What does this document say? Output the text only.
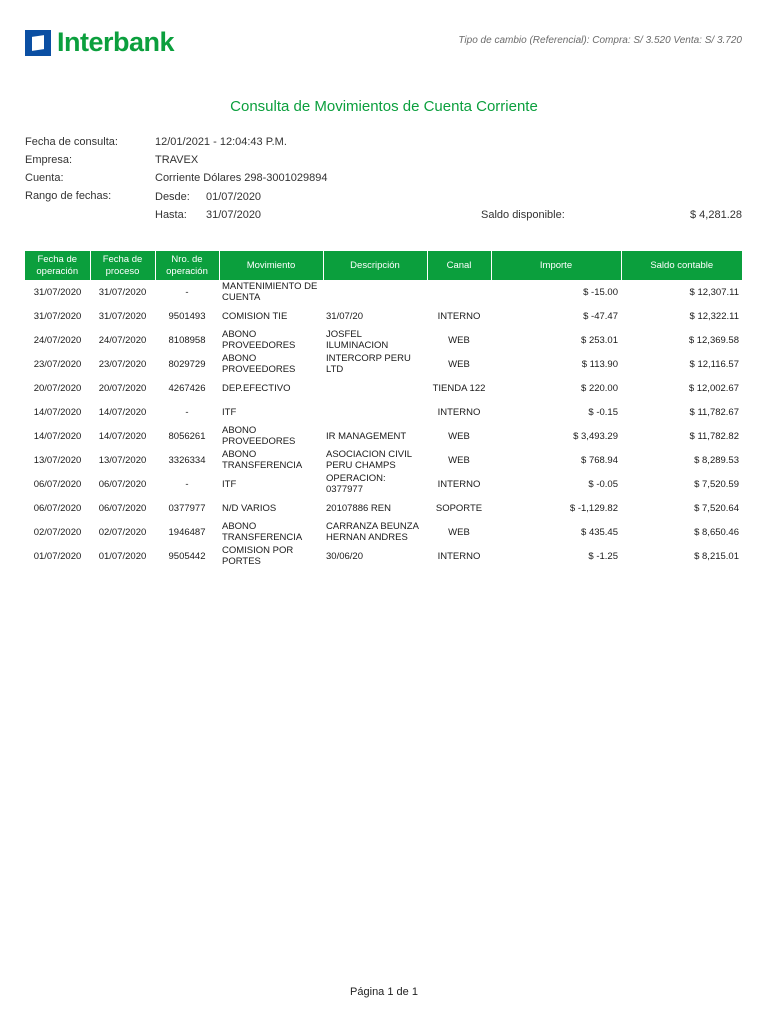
Interbank	Tipo de cambio (Referencial): Compra: S/ 3.520 Venta: S/ 3.720
Consulta de Movimientos de Cuenta Corriente
Fecha de consulta:	12/01/2021 - 12:04:43 P.M.
Empresa:	TRAVEX
Cuenta:	Corriente Dólares 298-3001029894
Rango de fechas:	Desde: 01/07/2020
Hasta: 31/07/2020	Saldo disponible:	$ 4,281.28
Fecha de operación	Fecha de proceso	Nro. de operación	Movimiento	Descripción	Canal	Importe	Saldo contable
31/07/2020	31/07/2020	-	MANTENIMIENTO DE CUENTA			$ -15.00	$ 12,307.11
31/07/2020	31/07/2020	9501493	COMISION TIE	31/07/20	INTERNO	$ -47.47	$ 12,322.11
24/07/2020	24/07/2020	8108958	ABONO PROVEEDORES	JOSFEL ILUMINACION	WEB	$ 253.01	$ 12,369.58
23/07/2020	23/07/2020	8029729	ABONO PROVEEDORES	INTERCORP PERU LTD	WEB	$ 113.90	$ 12,116.57
20/07/2020	20/07/2020	4267426	DEP.EFECTIVO		TIENDA 122	$ 220.00	$ 12,002.67
14/07/2020	14/07/2020	-	ITF		INTERNO	$ -0.15	$ 11,782.67
14/07/2020	14/07/2020	8056261	ABONO PROVEEDORES	IR MANAGEMENT	WEB	$ 3,493.29	$ 11,782.82
13/07/2020	13/07/2020	3326334	ABONO TRANSFERENCIA	ASOCIACION CIVIL PERU CHAMPS	WEB	$ 768.94	$ 8,289.53
06/07/2020	06/07/2020	-	ITF	OPERACION: 0377977	INTERNO	$ -0.05	$ 7,520.59
06/07/2020	06/07/2020	0377977	N/D VARIOS	20107886 REN	SOPORTE	$ -1,129.82	$ 7,520.64
02/07/2020	02/07/2020	1946487	ABONO TRANSFERENCIA	CARRANZA BEUNZA HERNAN ANDRES	WEB	$ 435.45	$ 8,650.46
01/07/2020	01/07/2020	9505442	COMISION POR PORTES	30/06/20	INTERNO	$ -1.25	$ 8,215.01
Página 1 de 1
